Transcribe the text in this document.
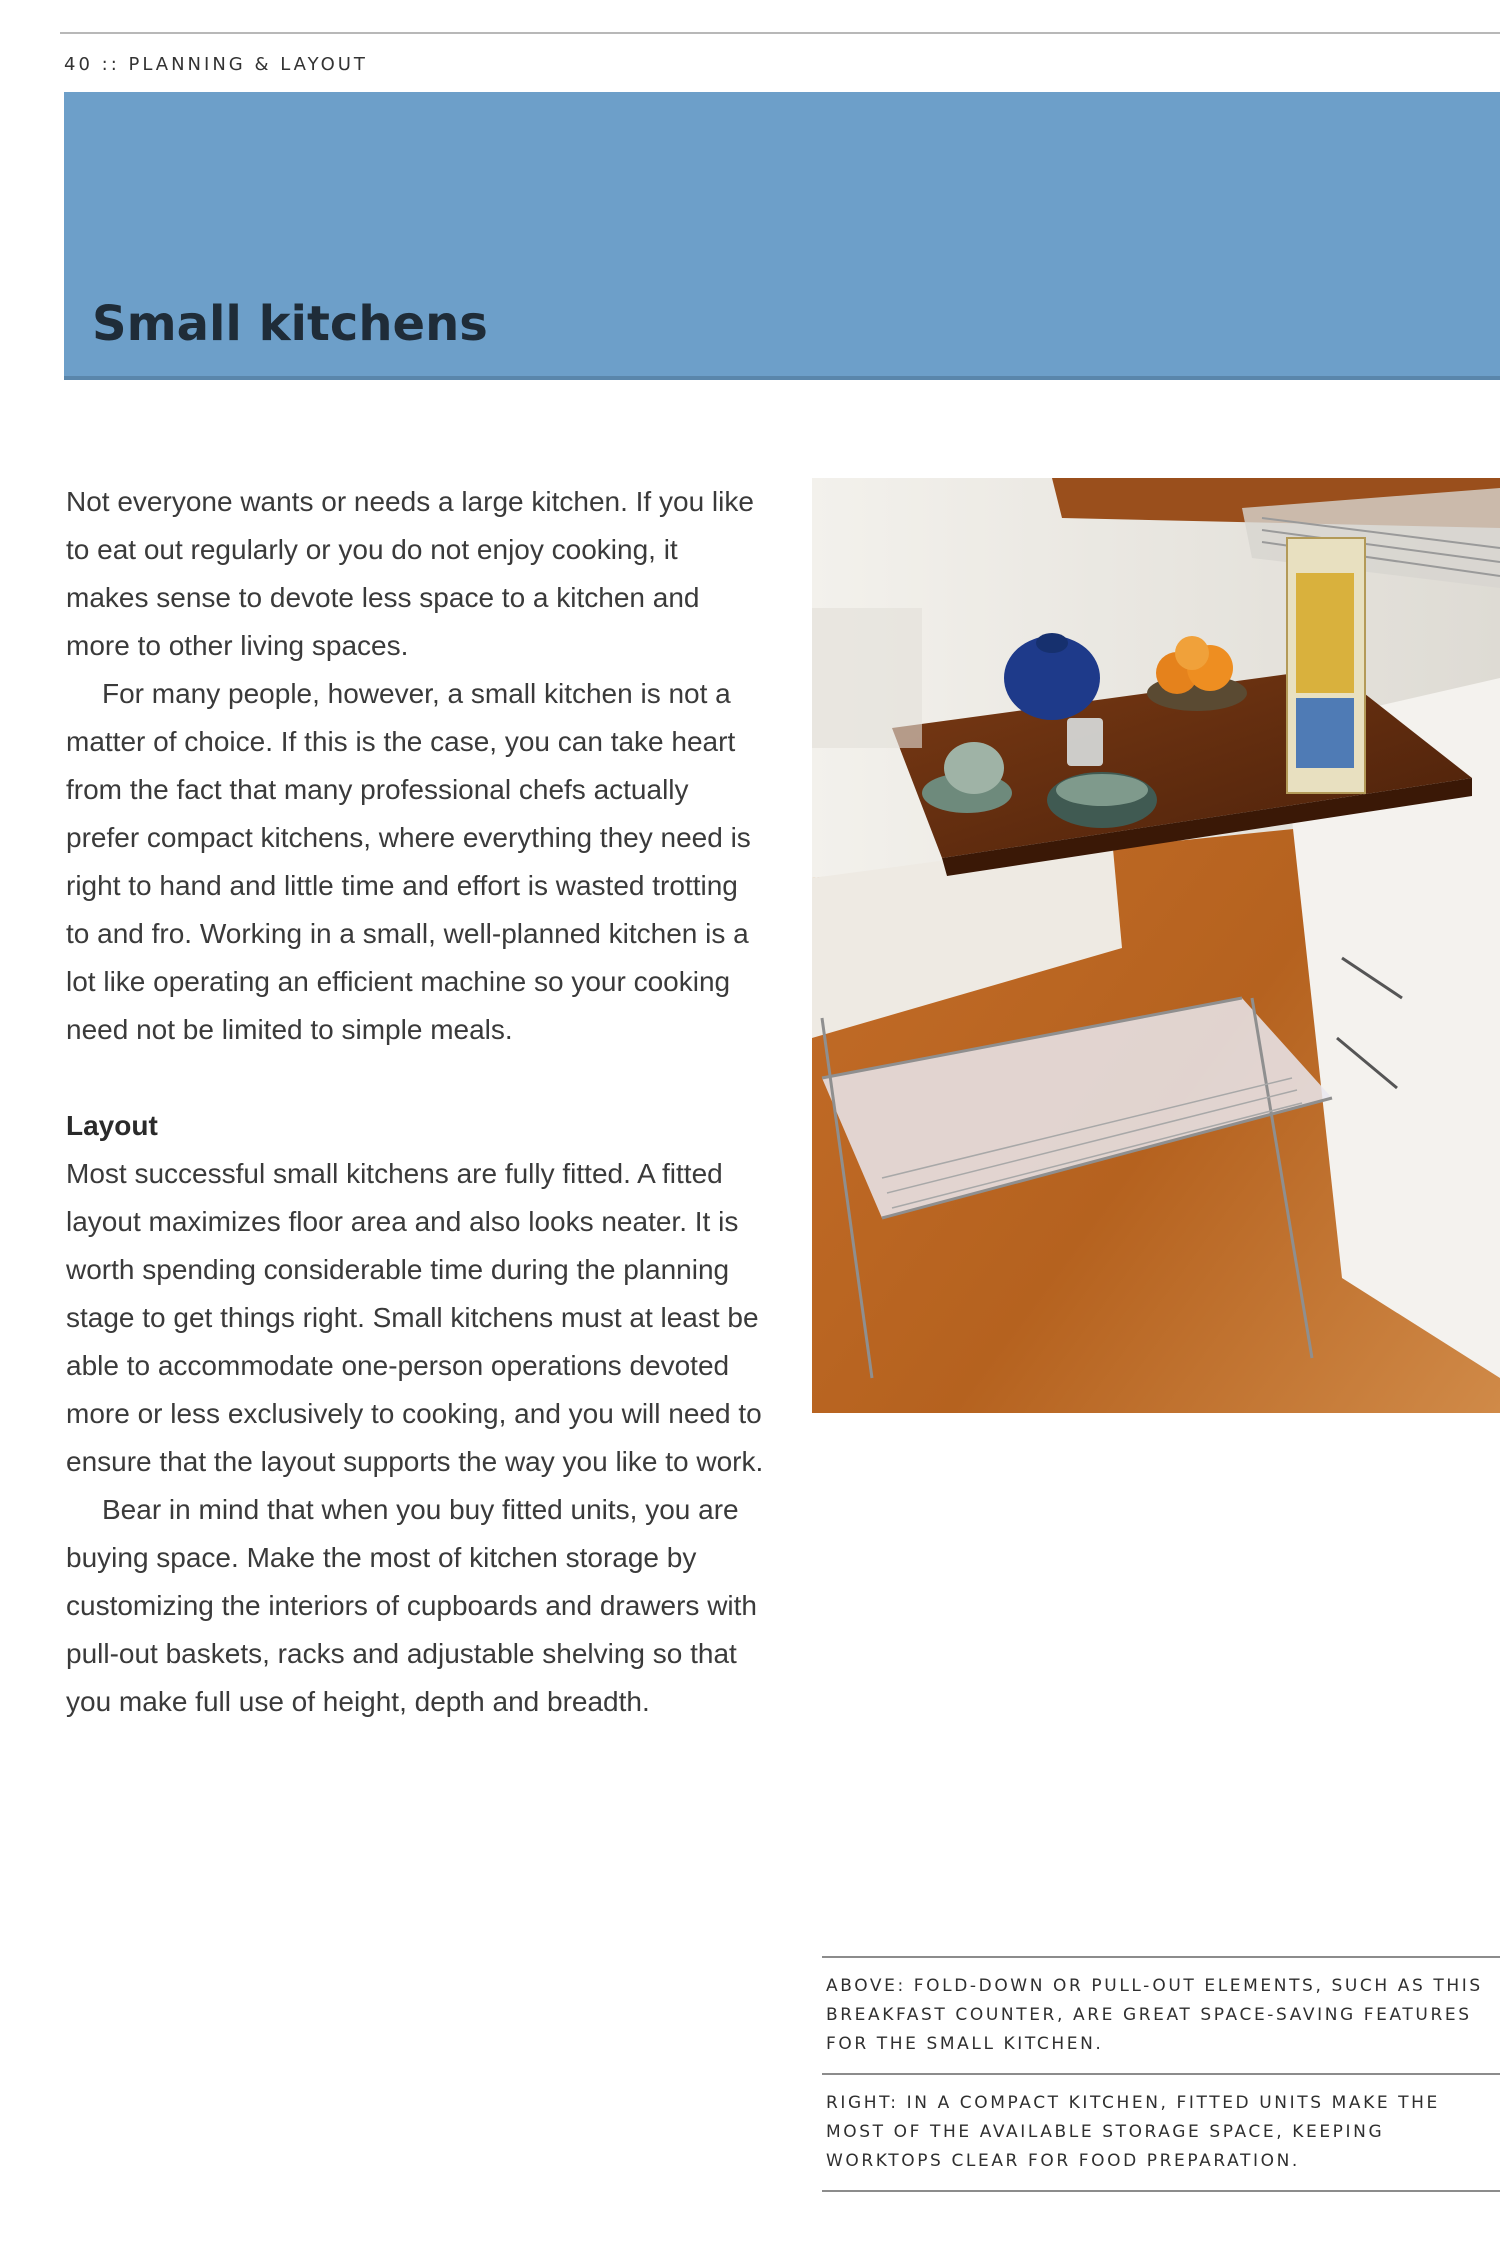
40 :: PLANNING & LAYOUT
Small kitchens

Not everyone wants or needs a large kitchen. If you like to eat out regularly or you do not enjoy cooking, it makes sense to devote less space to a kitchen and more to other living spaces.

For many people, however, a small kitchen is not a matter of choice. If this is the case, you can take heart from the fact that many professional chefs actually prefer compact kitchens, where everything they need is right to hand and little time and effort is wasted trotting to and fro. Working in a small, well-planned kitchen is a lot like operating an efficient machine so your cooking need not be limited to simple meals.

Layout

Most successful small kitchens are fully fitted. A fitted layout maximizes floor area and also looks neater. It is worth spending considerable time during the planning stage to get things right. Small kitchens must at least be able to accommodate one-person operations devoted more or less exclusively to cooking, and you will need to ensure that the layout supports the way you like to work.

Bear in mind that when you buy fitted units, you are buying space. Make the most of kitchen storage by customizing the interiors of cupboards and drawers with pull-out baskets, racks and adjustable shelving so that you make full use of height, depth and breadth.

ABOVE: FOLD-DOWN OR PULL-OUT ELEMENTS, SUCH AS THIS BREAKFAST COUNTER, ARE GREAT SPACE-SAVING FEATURES FOR THE SMALL KITCHEN.

RIGHT: IN A COMPACT KITCHEN, FITTED UNITS MAKE THE MOST OF THE AVAILABLE STORAGE SPACE, KEEPING WORKTOPS CLEAR FOR FOOD PREPARATION.
